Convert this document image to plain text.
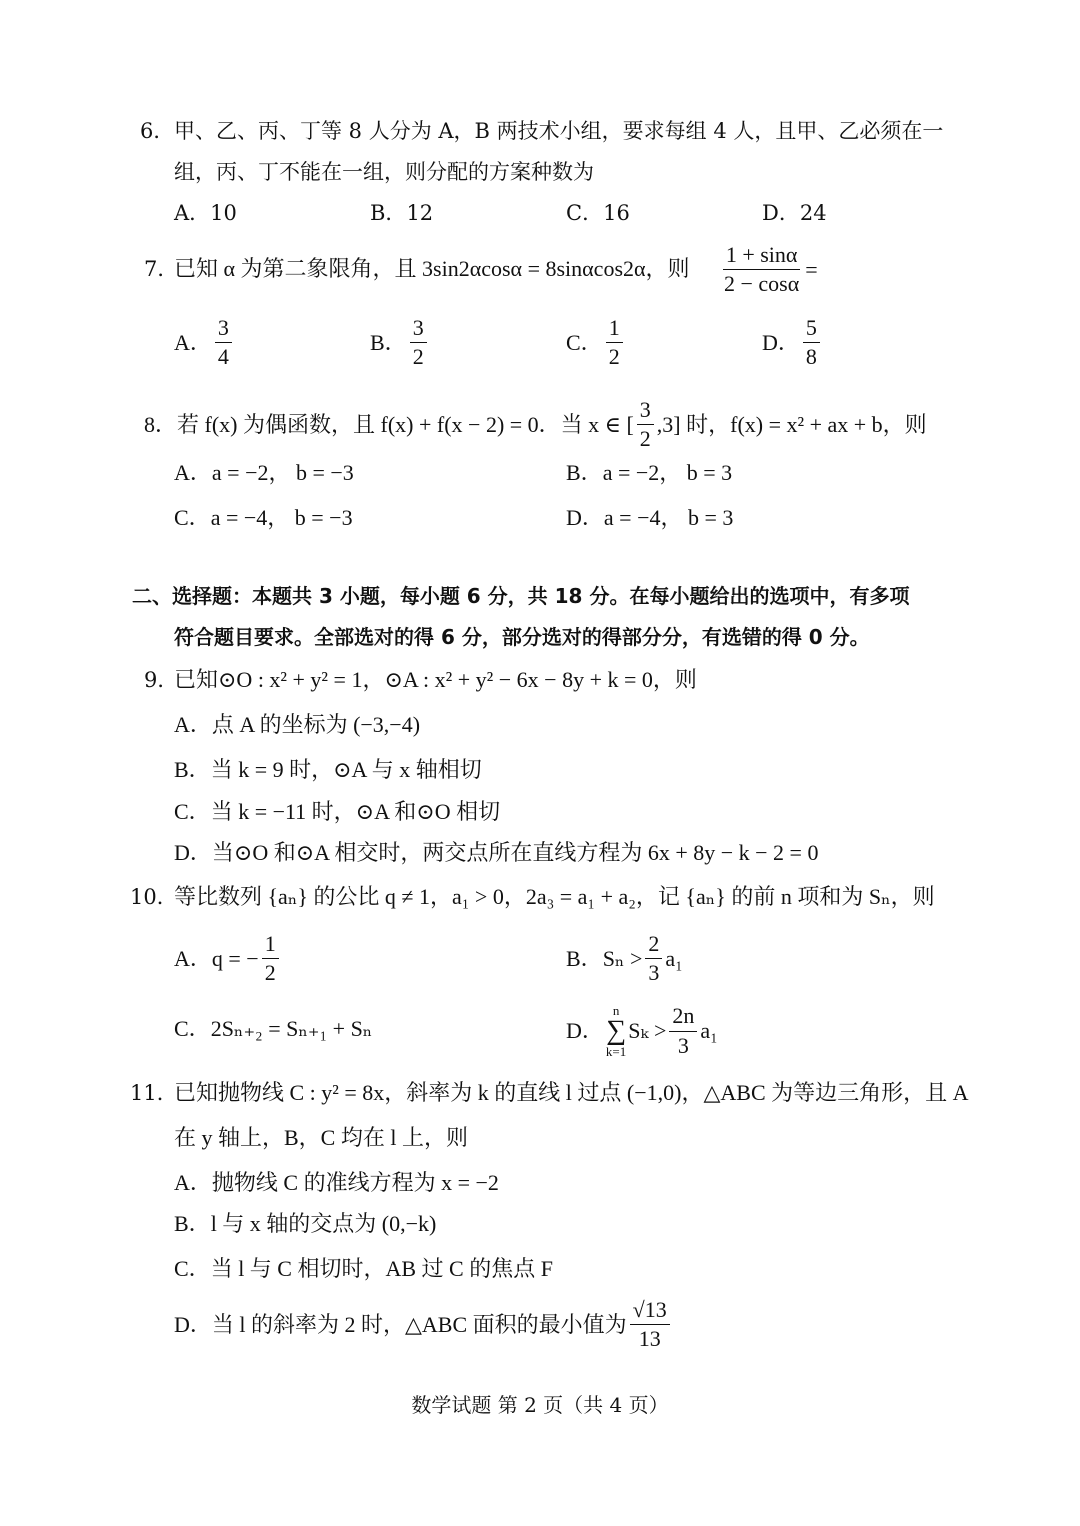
6． 甲、乙、丙、丁等 8 人分为 A，B 两技术小组，要求每组 4 人，且甲、乙必须在一
组，丙、丁不能在一组，则分配的方案种数为
A．10	B．12	C．16	D．24
7．
已知 α 为第二象限角，且 3sin2αcosα = 8sinαcos2α，则 $\frac{1 + \sin\alpha}{2 - \cos\alpha}$ =
A． $\frac{3}{4}$	B． $\frac{3}{2}$	C． $\frac{1}{2}$	D． $\frac{5}{8}$
8． 若 f(x) 为偶函数，且 f(x) + f(x − 2) = 0．当 x ∈ [ $\frac{3}{2} ,3$] 时，f(x) = x² + ax + b，则
A．a = −2， b = −3	B．a = −2， b = 3
C．a = −4， b = −3	D．a = −4， b = 3
二、选择题：本题共 3 小题，每小题 6 分，共 18 分。在每小题给出的选项中，有多项
符合题目要求。全部选对的得 6 分，部分选对的得部分分，有选错的得 0 分。
9．
已知⊙O : x² + y² = 1，⊙A : x² + y² − 6x − 8y + k = 0，则
A．点 A 的坐标为 (−3,−4)
B．当 k = 9 时，⊙A 与 x 轴相切
C．当 k = −11 时，⊙A 和⊙O 相切
D．当⊙O 和⊙A 相交时，两交点所在直线方程为 6x + 8y − k − 2 = 0
10．
等比数列 {aₙ} 的公比 q ≠ 1，a₁ > 0，2a₃ = a₁ + a₂，记 {aₙ} 的前 n 项和为 Sₙ，则
A． q = − $\frac{1}{2}$	B． $S_n > \frac{2}{3} a_1$
C．2Sₙ₊₂ = Sₙ₊₁ + Sₙ	D．
n
∑
k=1
$S_k > \frac{2n}{3} a_1$
11．
已知抛物线 C : y² = 8x，斜率为 k 的直线 l 过点 (−1,0)，△ABC 为等边三角形，且 A
在 y 轴上，B，C 均在 l 上，则
A．抛物线 C 的准线方程为 x = −2
B．l 与 x 轴的交点为 (0,−k)
C．当 l 与 C 相切时，AB 过 C 的焦点 F
D． 当 l 的斜率为 2 时，△ABC 面积的最小值为 $\frac{√13}{13}$
数学试题 第 2 页（共 4 页）
